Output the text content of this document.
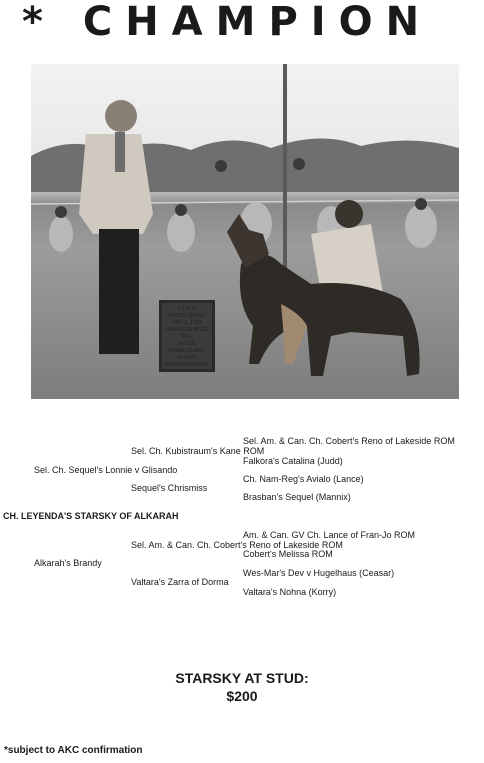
* CHAMPION
S.E.R.A.
RHODE ISLAND
MAY 1, 1983
AMERICAN BRED
DOG
JUDGE
FRANK DUBEK
PHOTO
BOB PARAMOUNT
Sel. Am. & Can. Ch. Cobert's Reno of Lakeside ROM
Sel. Ch. Kubistraum's Kane ROM
Falkora's Catalina (Judd)
Sel. Ch. Sequel's Lonnie v Glisando
Ch. Nam-Reg's Avialo (Lance)
Sequel's Chrismiss
Brasban's Sequel (Mannix)
CH. LEYENDA'S STARSKY OF ALKARAH
Am. & Can. GV Ch. Lance of Fran-Jo ROM
Sel. Am. & Can. Ch. Cobert's Reno of Lakeside ROM
Cobert's Melissa ROM
Alkarah's Brandy
Wes-Mar's Dev v Hugelhaus (Ceasar)
Valtara's Zarra of Dorma
Valtara's Nohna (Korry)
STARSKY AT STUD:
$200
*subject to AKC confirmation
